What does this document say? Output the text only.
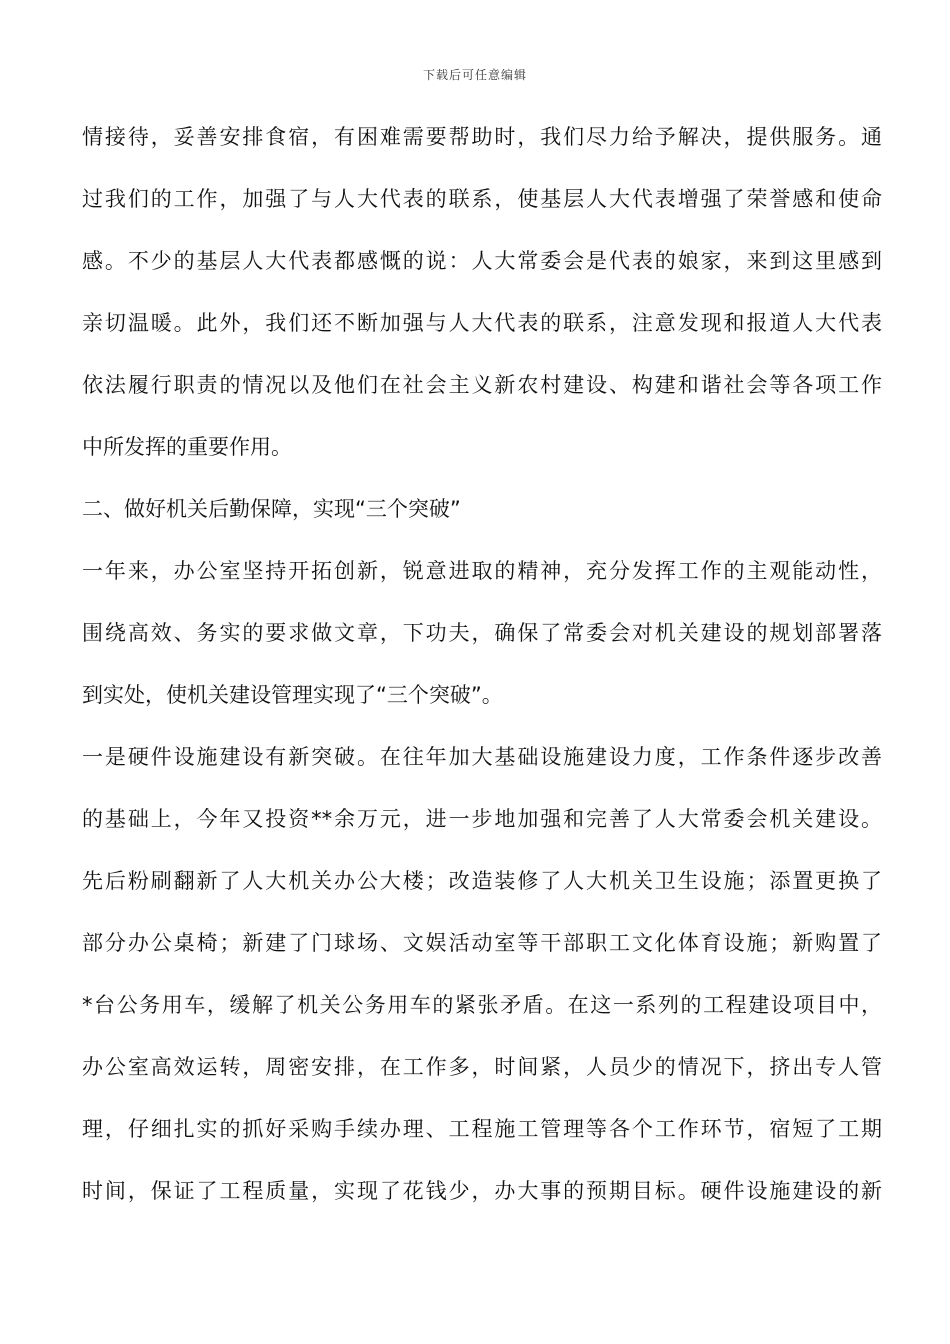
下载后可任意编辑
情接待，妥善安排食宿，有困难需要帮助时，我们尽力给予解决，提供服务。通
过我们的工作，加强了与人大代表的联系，使基层人大代表增强了荣誉感和使命
感。不少的基层人大代表都感慨的说：人大常委会是代表的娘家，来到这里感到
亲切温暖。此外，我们还不断加强与人大代表的联系，注意发现和报道人大代表
依法履行职责的情况以及他们在社会主义新农村建设、构建和谐社会等各项工作
中所发挥的重要作用。
二、做好机关后勤保障，实现“三个突破”
一年来，办公室坚持开拓创新，锐意进取的精神，充分发挥工作的主观能动性，
围绕高效、务实的要求做文章，下功夫，确保了常委会对机关建设的规划部署落
到实处，使机关建设管理实现了“三个突破”。
一是硬件设施建设有新突破。在往年加大基础设施建设力度，工作条件逐步改善
的基础上，今年又投资**余万元，进一步地加强和完善了人大常委会机关建设。
先后粉刷翻新了人大机关办公大楼；改造装修了人大机关卫生设施；添置更换了
部分办公桌椅；新建了门球场、文娱活动室等干部职工文化体育设施；新购置了
*台公务用车，缓解了机关公务用车的紧张矛盾。在这一系列的工程建设项目中，
办公室高效运转，周密安排，在工作多，时间紧，人员少的情况下，挤出专人管
理，仔细扎实的抓好采购手续办理、工程施工管理等各个工作环节，宿短了工期
时间，保证了工程质量，实现了花钱少，办大事的预期目标。硬件设施建设的新
